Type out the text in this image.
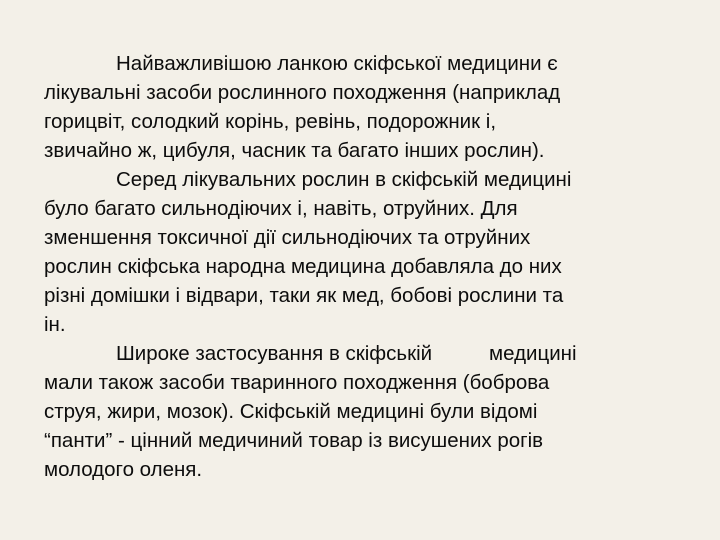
Найважливішою ланкою скіфської медицини є
лікувальні засоби рослинного походження (наприклад
горицвіт, солодкий корінь, ревінь, подорожник і,
звичайно ж, цибуля, часник та багато інших рослин).
Серед лікувальних рослин в скіфській медицині
було багато сильнодіючих і, навіть, отруйних. Для
зменшення токсичної дії сильнодіючих та отруйних
рослин скіфська народна медицина добавляла до них
різні домішки і відвари, таки як мед, бобові рослини та
ін.
Широке застосування в скіфській          медицині
мали також засоби тваринного походження (боброва
струя, жири, мозок). Скіфській медицині були відомі
“панти” - цінний медичиний товар із висушених рогів
молодого оленя.
